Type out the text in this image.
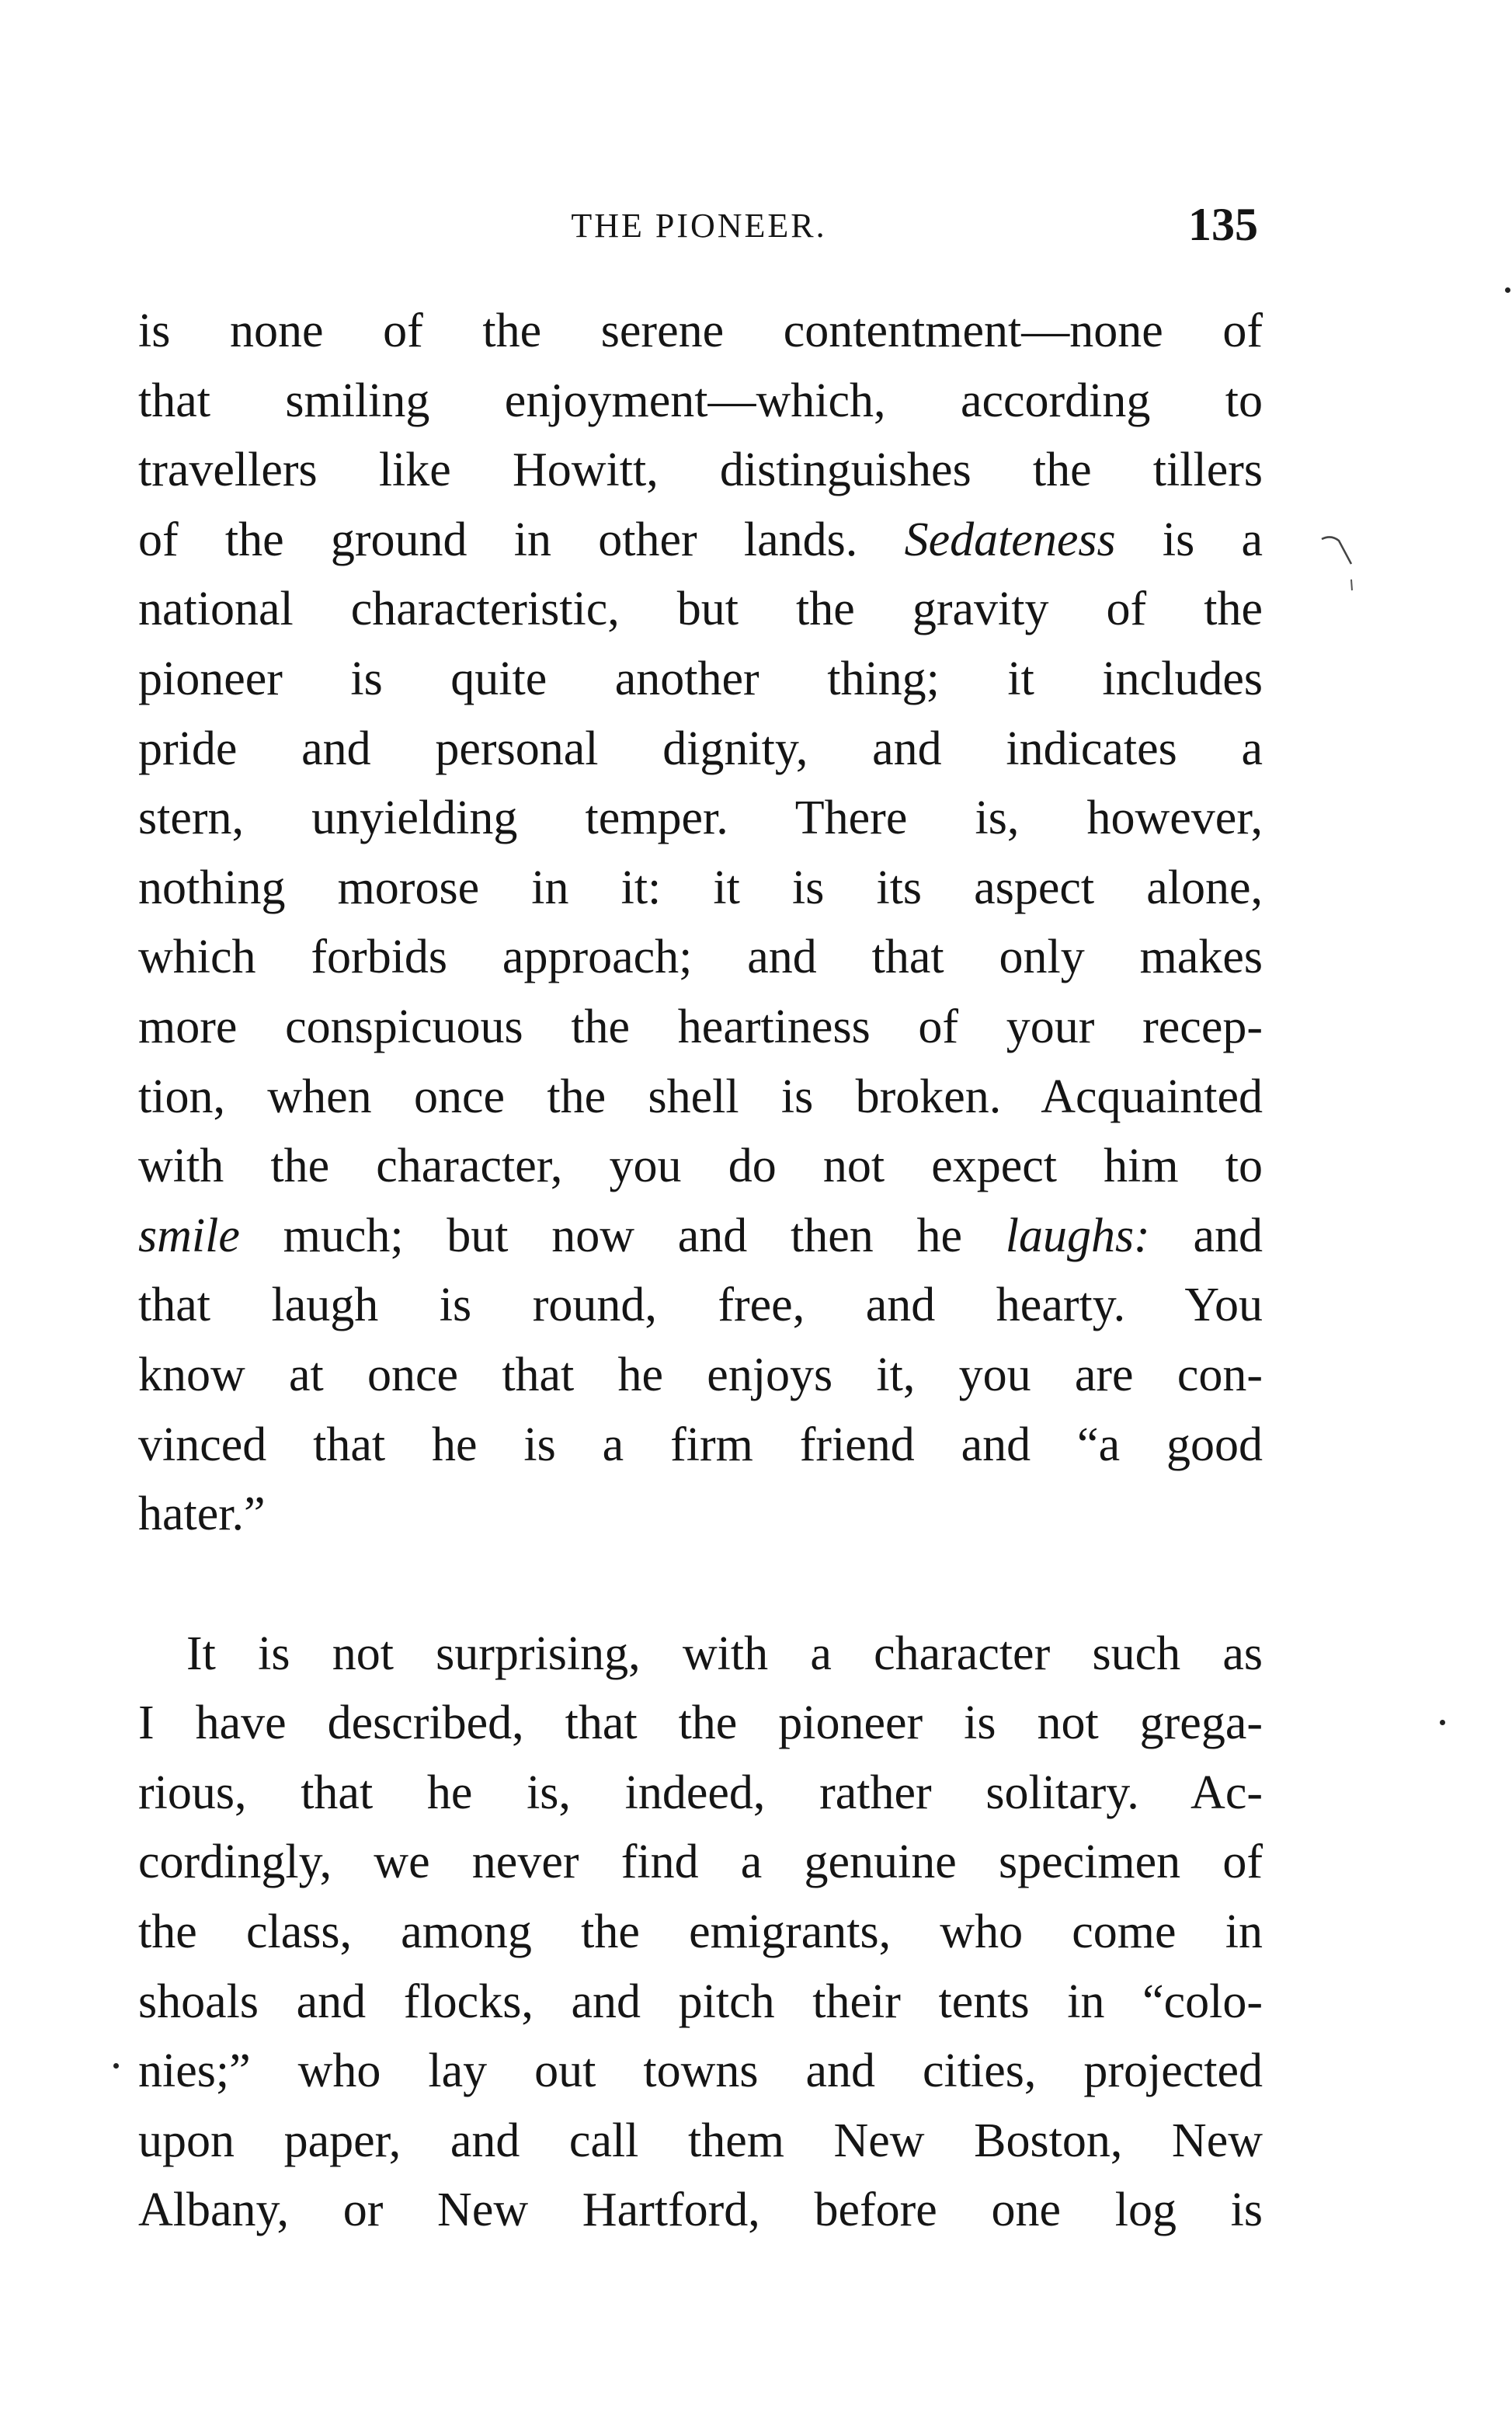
THE PIONEER.	135
is none of the serene contentment—none of
that smiling enjoyment—which, according to
travellers like Howitt, distinguishes the tillers
of the ground in other lands. Sedateness is a
national characteristic, but the gravity of the
pioneer is quite another thing; it includes
pride and personal dignity, and indicates a
stern, unyielding temper. There is, however,
nothing morose in it: it is its aspect alone,
which forbids approach; and that only makes
more conspicuous the heartiness of your recep-
tion, when once the shell is broken. Acquainted
with the character, you do not expect him to
smile much; but now and then he laughs: and
that laugh is round, free, and hearty. You
know at once that he enjoys it, you are con-
vinced that he is a firm friend and “a good
hater.”
It is not surprising, with a character such as
I have described, that the pioneer is not grega-
rious, that he is, indeed, rather solitary. Ac-
cordingly, we never find a genuine specimen of
the class, among the emigrants, who come in
shoals and flocks, and pitch their tents in “colo-
nies;” who lay out towns and cities, projected
upon paper, and call them New Boston, New
Albany, or New Hartford, before one log is
